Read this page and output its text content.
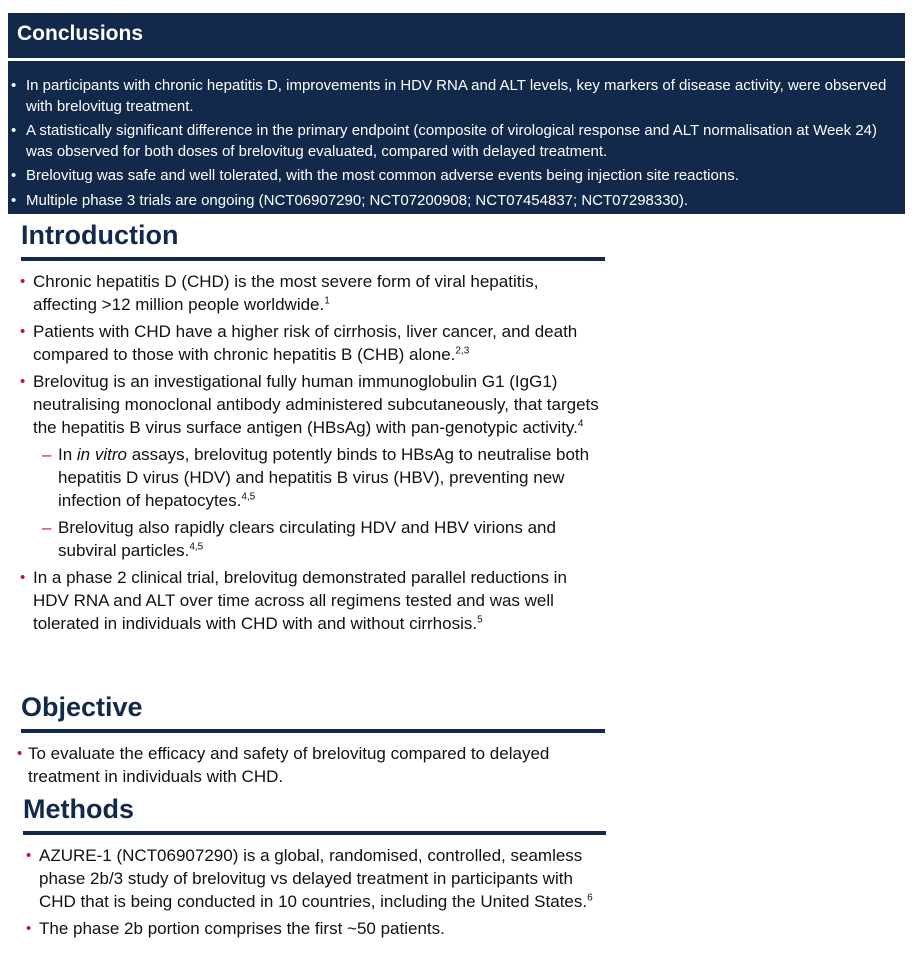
Conclusions
• In participants with chronic hepatitis D, improvements in HDV RNA and ALT levels, key markers of disease activity, were observed with brelovitug treatment.
• A statistically significant difference in the primary endpoint (composite of virological response and ALT normalisation at Week 24) was observed for both doses of brelovitug evaluated, compared with delayed treatment.
• Brelovitug was safe and well tolerated, with the most common adverse events being injection site reactions.
• Multiple phase 3 trials are ongoing (NCT06907290; NCT07200908; NCT07454837; NCT07298330).
Introduction
• Chronic hepatitis D (CHD) is the most severe form of viral hepatitis, affecting >12 million people worldwide.$^1$
• Patients with CHD have a higher risk of cirrhosis, liver cancer, and death compared to those with chronic hepatitis B (CHB) alone.$^{2,3}$
• Brelovitug is an investigational fully human immunoglobulin G1 (IgG1) neutralising monoclonal antibody administered subcutaneously, that targets the hepatitis B virus surface antigen (HBsAg) with pan-genotypic activity.$^4$
– In in vitro assays, brelovitug potently binds to HBsAg to neutralise both hepatitis D virus (HDV) and hepatitis B virus (HBV), preventing new infection of hepatocytes.$^{4,5}$
– Brelovitug also rapidly clears circulating HDV and HBV virions and subviral particles.$^{4,5}$
• In a phase 2 clinical trial, brelovitug demonstrated parallel reductions in HDV RNA and ALT over time across all regimens tested and was well tolerated in individuals with CHD with and without cirrhosis.$^5$
Objective
• To evaluate the efficacy and safety of brelovitug compared to delayed treatment in individuals with CHD.
Methods
• AZURE-1 (NCT06907290) is a global, randomised, controlled, seamless phase 2b/3 study of brelovitug vs delayed treatment in participants with CHD that is being conducted in 10 countries, including the United States.$^6$
• The phase 2b portion comprises the first ~50 patients.
